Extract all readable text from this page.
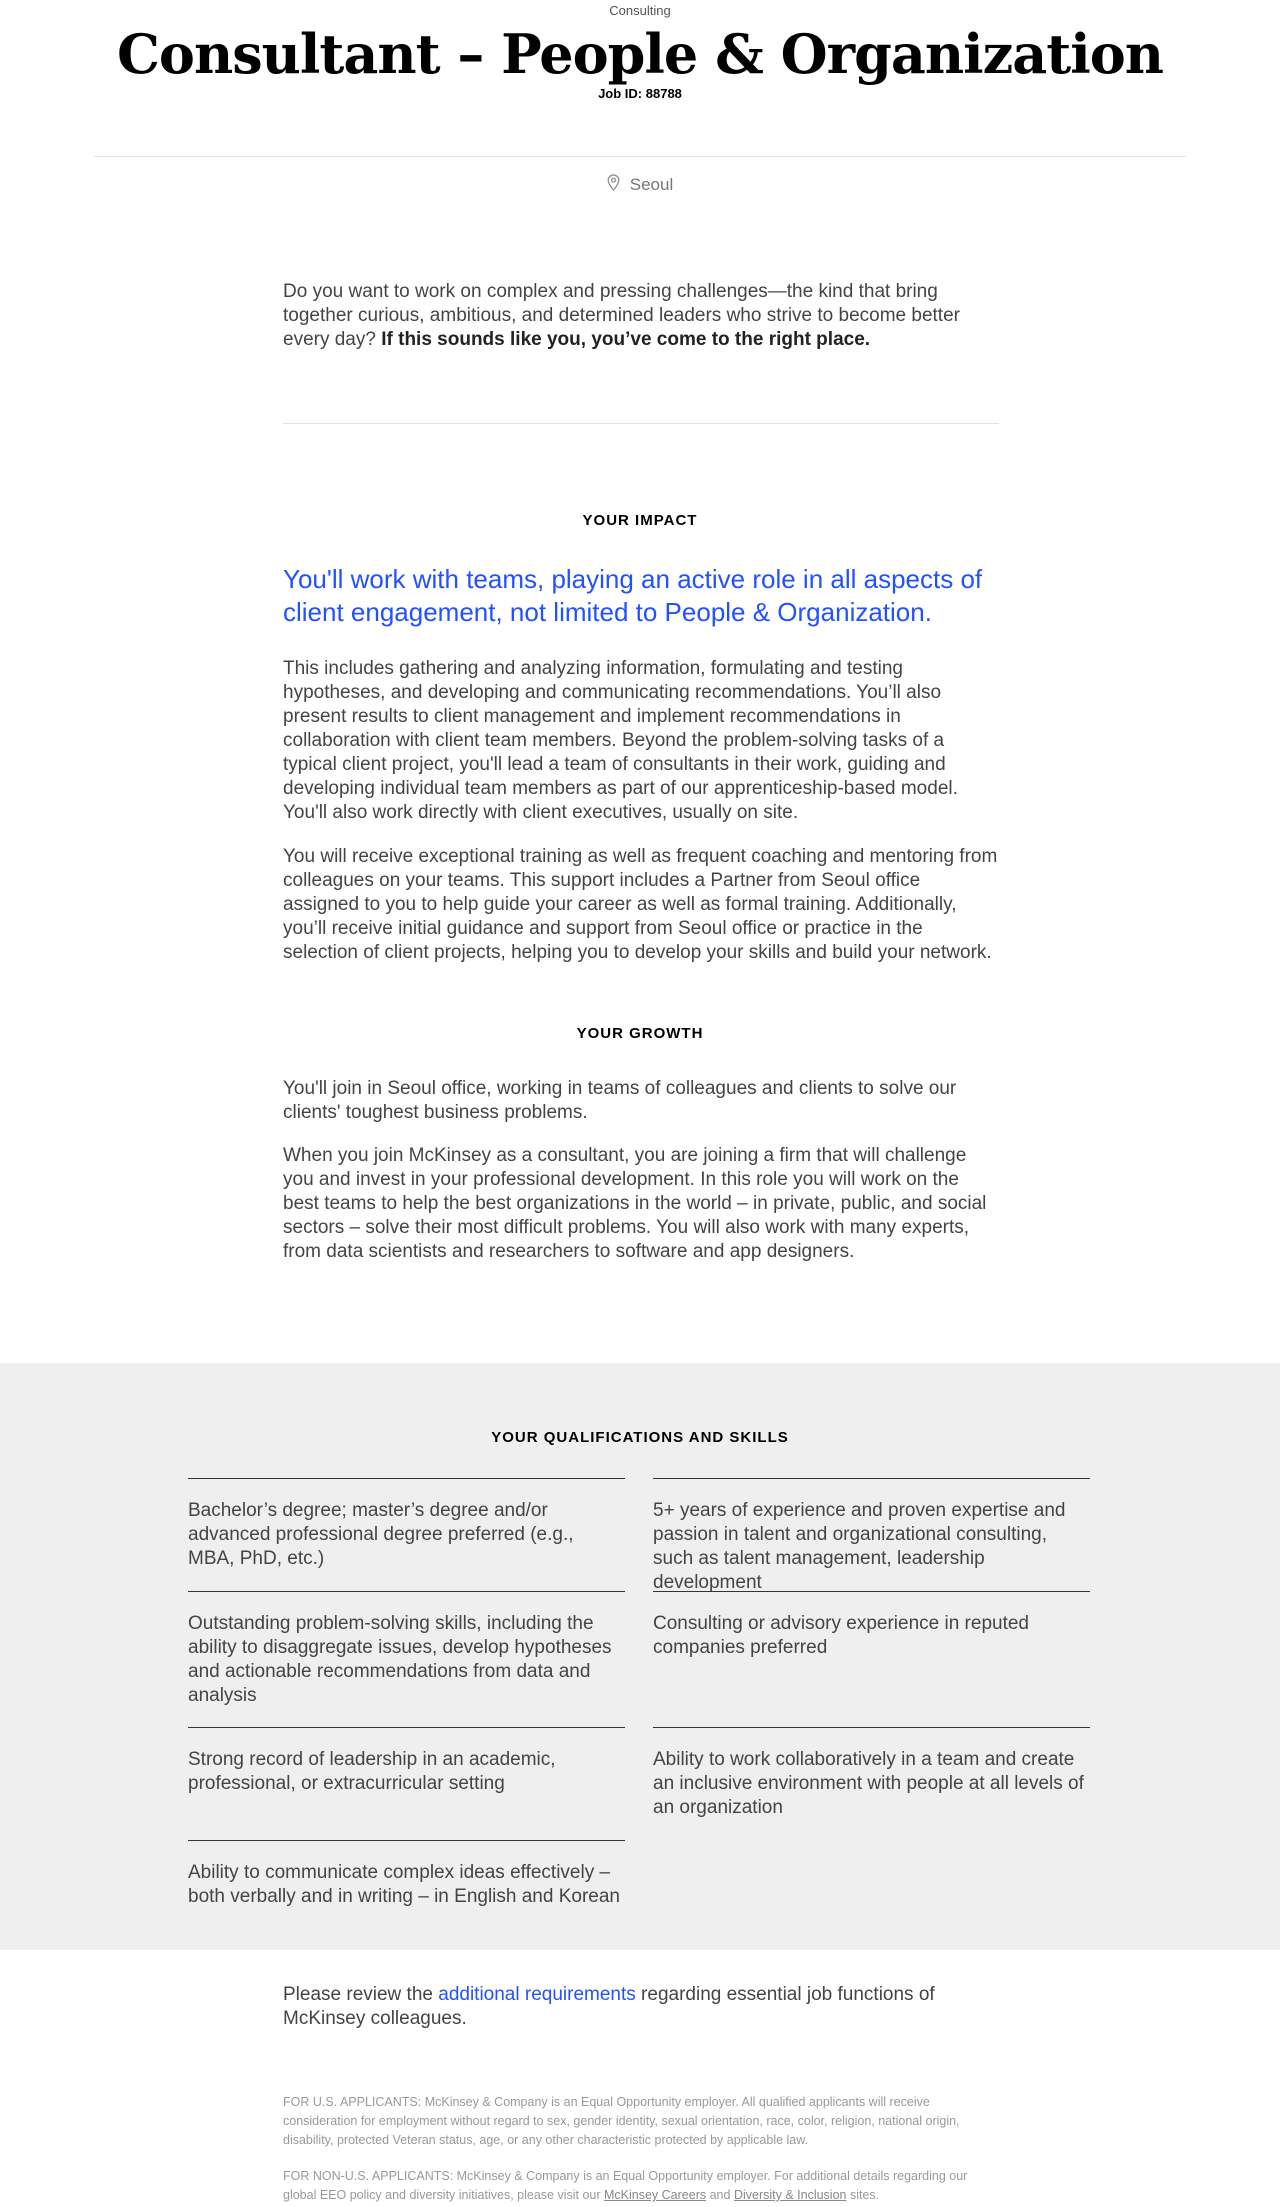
Consulting
Consultant – People & Organization
Job ID: 88788
Seoul

Do you want to work on complex and pressing challenges—the kind that bring together curious, ambitious, and determined leaders who strive to become better every day? If this sounds like you, you’ve come to the right place.

YOUR IMPACT

You'll work with teams, playing an active role in all aspects of client engagement, not limited to People & Organization.

This includes gathering and analyzing information, formulating and testing hypotheses, and developing and communicating recommendations. You’ll also present results to client management and implement recommendations in collaboration with client team members. Beyond the problem-solving tasks of a typical client project, you'll lead a team of consultants in their work, guiding and developing individual team members as part of our apprenticeship-based model. You'll also work directly with client executives, usually on site.

You will receive exceptional training as well as frequent coaching and mentoring from colleagues on your teams. This support includes a Partner from Seoul office assigned to you to help guide your career as well as formal training. Additionally, you’ll receive initial guidance and support from Seoul office or practice in the selection of client projects, helping you to develop your skills and build your network.

YOUR GROWTH

You'll join in Seoul office, working in teams of colleagues and clients to solve our clients' toughest business problems.

When you join McKinsey as a consultant, you are joining a firm that will challenge you and invest in your professional development. In this role you will work on the best teams to help the best organizations in the world – in private, public, and social sectors – solve their most difficult problems. You will also work with many experts, from data scientists and researchers to software and app designers.

YOUR QUALIFICATIONS AND SKILLS
Bachelor’s degree; master’s degree and/or advanced professional degree preferred (e.g., MBA, PhD, etc.)
5+ years of experience and proven expertise and passion in talent and organizational consulting, such as talent management, leadership development
Outstanding problem-solving skills, including the ability to disaggregate issues, develop hypotheses and actionable recommendations from data and analysis
Consulting or advisory experience in reputed companies preferred
Strong record of leadership in an academic, professional, or extracurricular setting
Ability to work collaboratively in a team and create an inclusive environment with people at all levels of an organization
Ability to communicate complex ideas effectively – both verbally and in writing – in English and Korean

Please review the additional requirements regarding essential job functions of McKinsey colleagues.

FOR U.S. APPLICANTS: McKinsey & Company is an Equal Opportunity employer. All qualified applicants will receive consideration for employment without regard to sex, gender identity, sexual orientation, race, color, religion, national origin, disability, protected Veteran status, age, or any other characteristic protected by applicable law.

FOR NON-U.S. APPLICANTS: McKinsey & Company is an Equal Opportunity employer. For additional details regarding our global EEO policy and diversity initiatives, please visit our McKinsey Careers and Diversity & Inclusion sites.
